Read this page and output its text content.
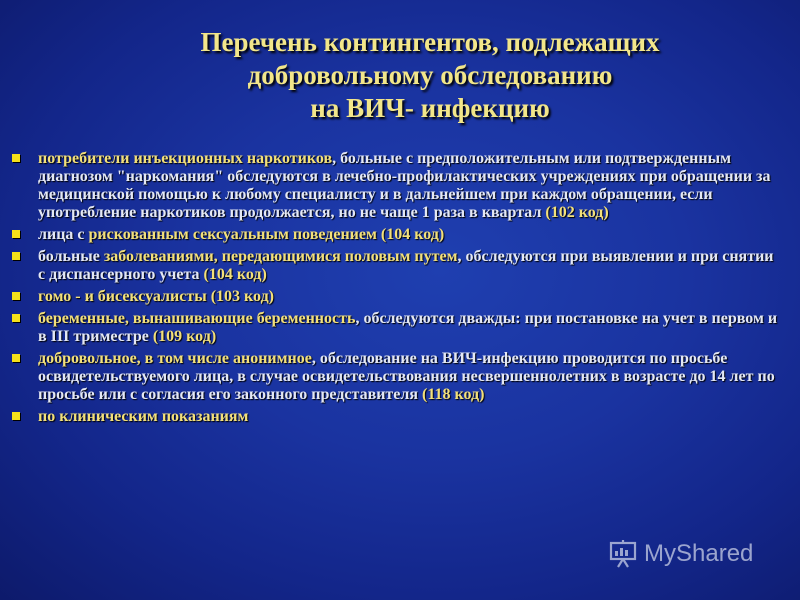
Перечень контингентов, подлежащих
добровольному обследованию
на ВИЧ- инфекцию
потребители инъекционных наркотиков, больные с предположительным или подтвержденным диагнозом "наркомания" обследуются в лечебно-профилактических учреждениях при обращении за медицинской помощью к любому специалисту и в дальнейшем при каждом обращении, если употребление наркотиков продолжается, но не чаще 1 раза в квартал (102 код)
лица с рискованным сексуальным поведением (104 код)
больные заболеваниями, передающимися половым путем, обследуются при выявлении и при снятии с диспансерного учета (104 код)
гомо - и бисексуалисты (103 код)
беременные, вынашивающие беременность, обследуются дважды: при постановке на учет в первом и в III триместре (109 код)
добровольное, в том числе анонимное, обследование на ВИЧ-инфекцию проводится по просьбе освидетельствуемого лица, в случае освидетельствования несвершеннолетних в возрасте до 14 лет по просьбе или с согласия его законного представителя (118 код)
по клиническим показаниям
MyShared
